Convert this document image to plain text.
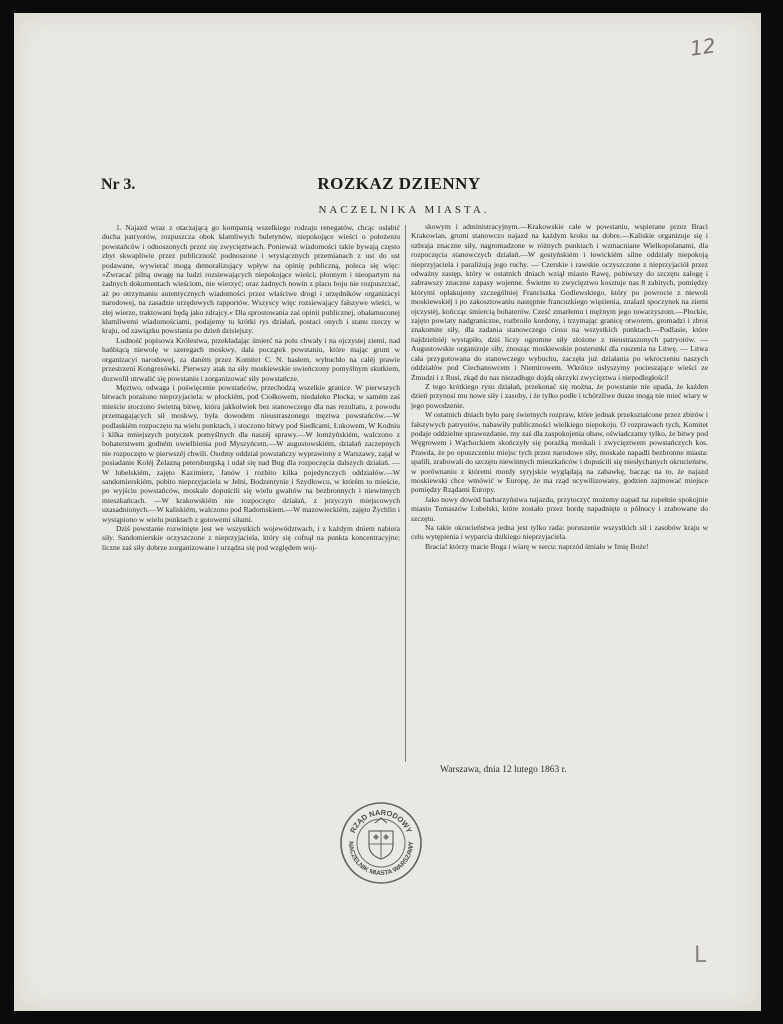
12
Nr 3.	ROZKAZ DZIENNY
NACZELNIKA MIASTA.

1. Najazd wraz z otaczającą go kompanią wszelkiego rodzaju renegatów, chcąc osłabić ducha patryotów, rozpuszcza obok kłamliwych buletynów, niepokojące wieści o położeniu powstańców i odnoszonych przez się zwycięztwach. Ponieważ wiadomości takie bywają często zbyt skwapliwie przez publiczność podnoszone i wtysiącznych przemianach z ust do ust podawane, wywierać mogą demoralizujący wpływ na opinię publiczną, poleca się więc: »Zwracać pilną uwagę na ludzi rozsiewających niepokojące wieści; płonnym i nieopartym na żadnych dokumentach wieściom, nie wierzyć; oraz żadnych nowin z placu boju nie rozpuszczać, aż po otrzymaniu autentycznych wiadomości przez właściwe drogi i urzędników organizacyi narodowej, na zasadzie urzędowych rapportów. Wszyscy więc rozsiewający fałszywe wieści, w złej wierze, traktowani będą jako zdrajcy.« Dla sprostowania zaś opinii publicznej, obałamuconej kłamliwemi wiadomościami, podajemy tu krótki rys działań, postaci onych i stanu rzeczy w kraju, od zawiązku powstania po dzień dzisiejszy.

Ludność popisowa Królestwa, przekładając śmierć na polu chwały i na ojczystej ziemi, nad hańbiącą niewolę w szeregach moskwy, dała początek powstaniu, które mając grunt w organizacyi narodowej, za daném przez Komitet C. N. hasłem, wybuchło na całéj prawie przestrzeni Kongresówki. Pierwszy atak na siły moskiewskie uwieńczony pomyślnym skutkiem, dozwolił utrwalić się powstaniu i zorganizować siły powstańcze.

Męztwo, odwaga i poświęcenie powstańców, przechodzą wszelkie granice. W pierwszych bitwach porażono nieprzyjaciela: w płockiém, pod Ciołkowem, niedaleko Płocka; w samém zaś mieście stoczono świetną bitwę, która jakkolwiek bez stanowczego dla nas rezultatu, z powodu przemagających sił moskwy, była dowodem nieustraszonego męztwa powstańców.—W podlaskiém rozpoczęto na wielu punktach, i stoczono bitwy pod Siedlcami, Łukowem, W Kodniu i kilka mniejszych potyczek pomyślnych dla naszéj sprawy.—W łomżyńskiém, walczono z bohaterstwem godném uwielbienia pod Myszyńcem.—W augustowskiém, działań zaczepnych nie rozpoczęto w pierwszéj chwili. Osobny oddział powstańczy wyprawiony z Warszawy, zajął w posiadanie Koléj Żelazną petersburgską i udał się nad Bug dla rozpoczęcia dalszych działań. — W lubelskiém, zajęto Kazimierz, Janów i rozbito kilka pojedynczych oddziałów.—W sandomierskiém, pobito nieprzyjaciela w Jelni, Bodzentynie i Szydłowcu, w którém to mieście, po wyjściu powstańców, moskale dopuścili się wielu gwałtów na bezbronnych i niewinnych mieszkańcach. —W krakowskiém nie rozpoczęto działań, z przyczyn miejscowych uzasadnionych.—W kaliskiém, walczono pod Radomskiem.—W mazowieckiém, zajęto Żychlin i wystąpiono w wielu punktach z gotowemi siłami.

Dziś powstanie rozwinięte jest we wszystkich województwach, i z każdym dniem nabiera siły. Sandomierskie oczyszczone z nieprzyjaciela, który się cofnął na punkta koncentracyjne; liczne zaś siły dobrze zorganizowane i urządza się pod względem woj-

skowym i administracyjnym.—Krakowskie całe w powstaniu, wspierane przez Braci Krakowian, gromi stanowczo najazd na każdym kroku na dobre.—Kaliskie organizuje się i uzbraja znaczne siły, nagromadzone w różnych punktach i wzmacniane Wielkopolanami, dla rozpoczęcia stanowczych działań.—W gostyńskiém i łowickiém silne oddziały niepokoją nieprzyjaciela i paraliżują jego ruchy. — Czerskie i rawskie oczyszczone z nieprzyjaciół przez odważny zastęp, który w ostatnich dniach wziął miasto Rawę, pobiwszy do szczętu załogę i zabrawszy znaczne zapasy wojenne. Świetne to zwycięztwo kosztuje nas 8 zabitych, pomiędzy którymi opłakujemy szczególniej Franciszka Godlewskiego, który po powrocie z niewoli moskiewskiéj i po zakosztowaniu następnie francuzkiego więzienia, znalazł spoczynek na ziemi ojczystéj, kończąc śmiercią bohaterów. Cześć zmarłemu i mężnym jego towarzyszom.—Płockie, zajęto powiaty nadgraniczne, rozbroiło kordony, i trzymając granicę otworem, gromadzi i zbroi znakomite siły, dla zadania stanowczego ciosu na wszystkich punktach.—Podlasie, które najdzielniéj wystąpiło, dziś liczy ogromne siły złożone z nieustraszonych patryotów. — Augustowskie organizuje siły, znosząc moskiewskie posterunki dla ruszenia na Litwę. — Litwa cała przygotowana do stanowczego wybuchu, zaczęła już działania po wkroczeniu naszych oddziałów pod Ciechanowcem i Niemirowem. Wkrótce usłyszymy pocieszające wieści ze Żmudzi i z Rusi, zkąd do nas niezadługo dojdą okrzyki zwycięztwa i niepodległości!

Z tego krótkiego rysu działań, przekonać się można, że powstanie nie upada, że każden dzień przynosi mu nowe siły i zasoby, i że tylko podłe i tchórzliwe dusze mogą nie mieć wiary w jego powodzenie.

W ostatnich dniach było parę świetnych rozpraw, które jednak przekształcone przez zbirów i fałszywych patryotów, nabawiły publiczności wielkiego niepokoju. O rozprawach tych, Komitet podaje oddzielne sprawozdanie, my zaś dla zaspokojenia obaw, oświadczamy tylko, że bitwy pod Węgrowem i Wąchockiem skończyły się porażką moskali i zwycięztwem powstańczych kos. Prawda, że po opuszczeniu miejsc tych przez narodowe siły, moskale napadli bezbronne miasta: spalili, zrabowali do szczętu niewinnych mieszkańców i dopuścili się niesłychanych okrucieństw, w porównaniu z któremi mordy syryjskie wyglądają na zabawkę, bacząc na to, że najazd moskiewski chce wmówić w Europę, że ma rząd ucywilizowany, godzien zajmować miejsce pomiędzy Rządami Europy.

Jako nowy dowód barbarzyństwa najazdu, przytoczyć możemy napad na zupełnie spokojnie miasto Tomaszów Lubelski, które zostało przez hordę napadnięte o północy i zrabowane do szczętu.

Na takie okrucieństwa jedna jest tylko rada: poruszenie wszystkich sił i zasobów kraju w celu wytępienia i wyparcia dzikiego nieprzyjaciela.

Bracia! którzy macie Boga i wiarę w sercu: naprzód śmiało w Imię Boże!

Warszawa, dnia 12 lutego 1863 r.
RZĄD NARODOWY
NACZELNIK MIASTA WARSZAWY
L
